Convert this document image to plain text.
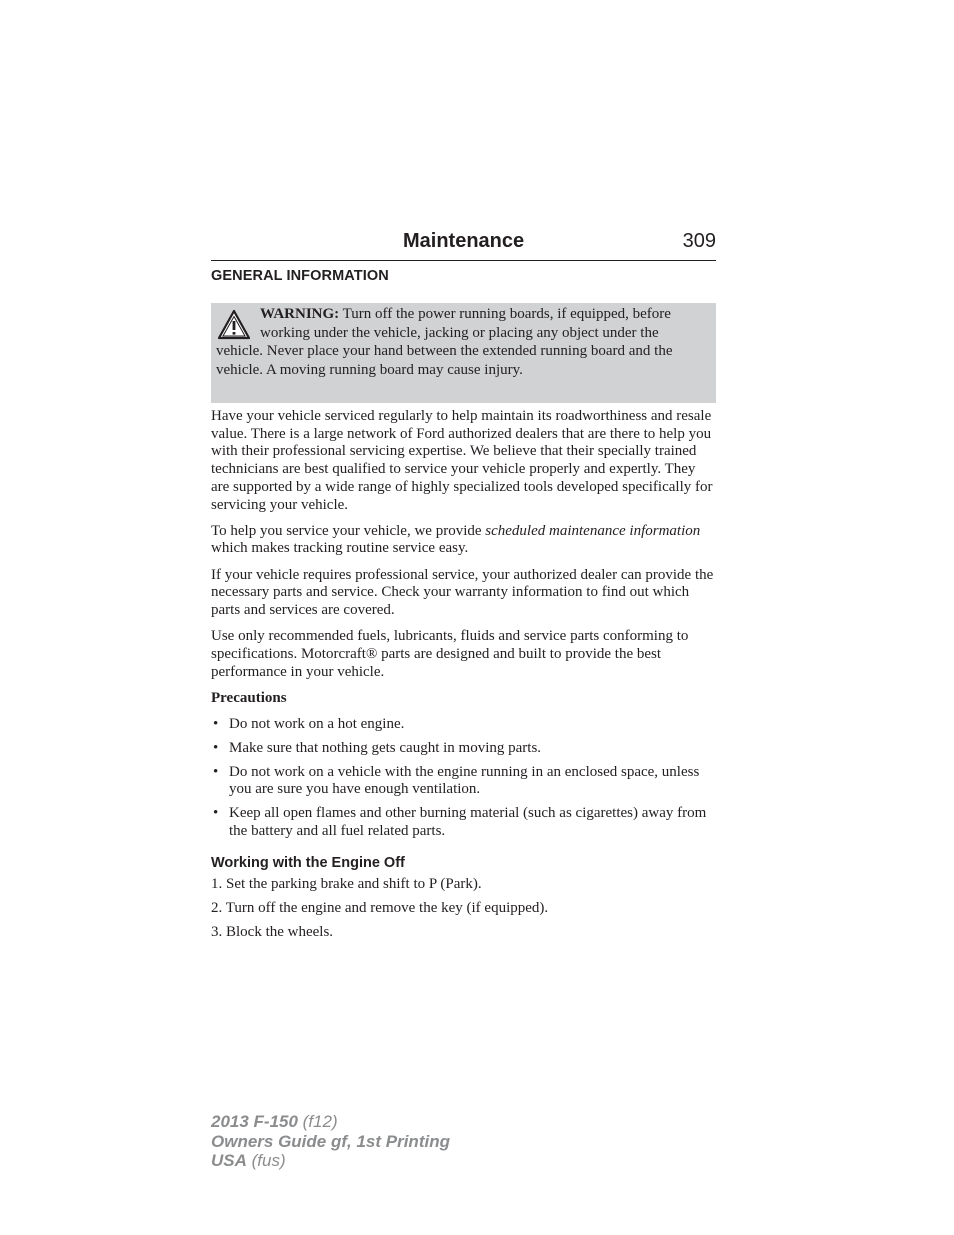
Maintenance	309
GENERAL INFORMATION
WARNING: Turn off the power running boards, if equipped, before working under the vehicle, jacking or placing any object under the vehicle. Never place your hand between the extended running board and the vehicle. A moving running board may cause injury.

Have your vehicle serviced regularly to help maintain its roadworthiness and resale value. There is a large network of Ford authorized dealers that are there to help you with their professional servicing expertise. We believe that their specially trained technicians are best qualified to service your vehicle properly and expertly. They are supported by a wide range of highly specialized tools developed specifically for servicing your vehicle.

To help you service your vehicle, we provide scheduled maintenance information which makes tracking routine service easy.

If your vehicle requires professional service, your authorized dealer can provide the necessary parts and service. Check your warranty information to find out which parts and services are covered.

Use only recommended fuels, lubricants, fluids and service parts conforming to specifications. Motorcraft® parts are designed and built to provide the best performance in your vehicle.

Precautions

• Do not work on a hot engine.
• Make sure that nothing gets caught in moving parts.
• Do not work on a vehicle with the engine running in an enclosed space, unless you are sure you have enough ventilation.
• Keep all open flames and other burning material (such as cigarettes) away from the battery and all fuel related parts.
Working with the Engine Off
1. Set the parking brake and shift to P (Park).
2. Turn off the engine and remove the key (if equipped).
3. Block the wheels.
2013 F-150 (f12)
Owners Guide gf, 1st Printing
USA (fus)
